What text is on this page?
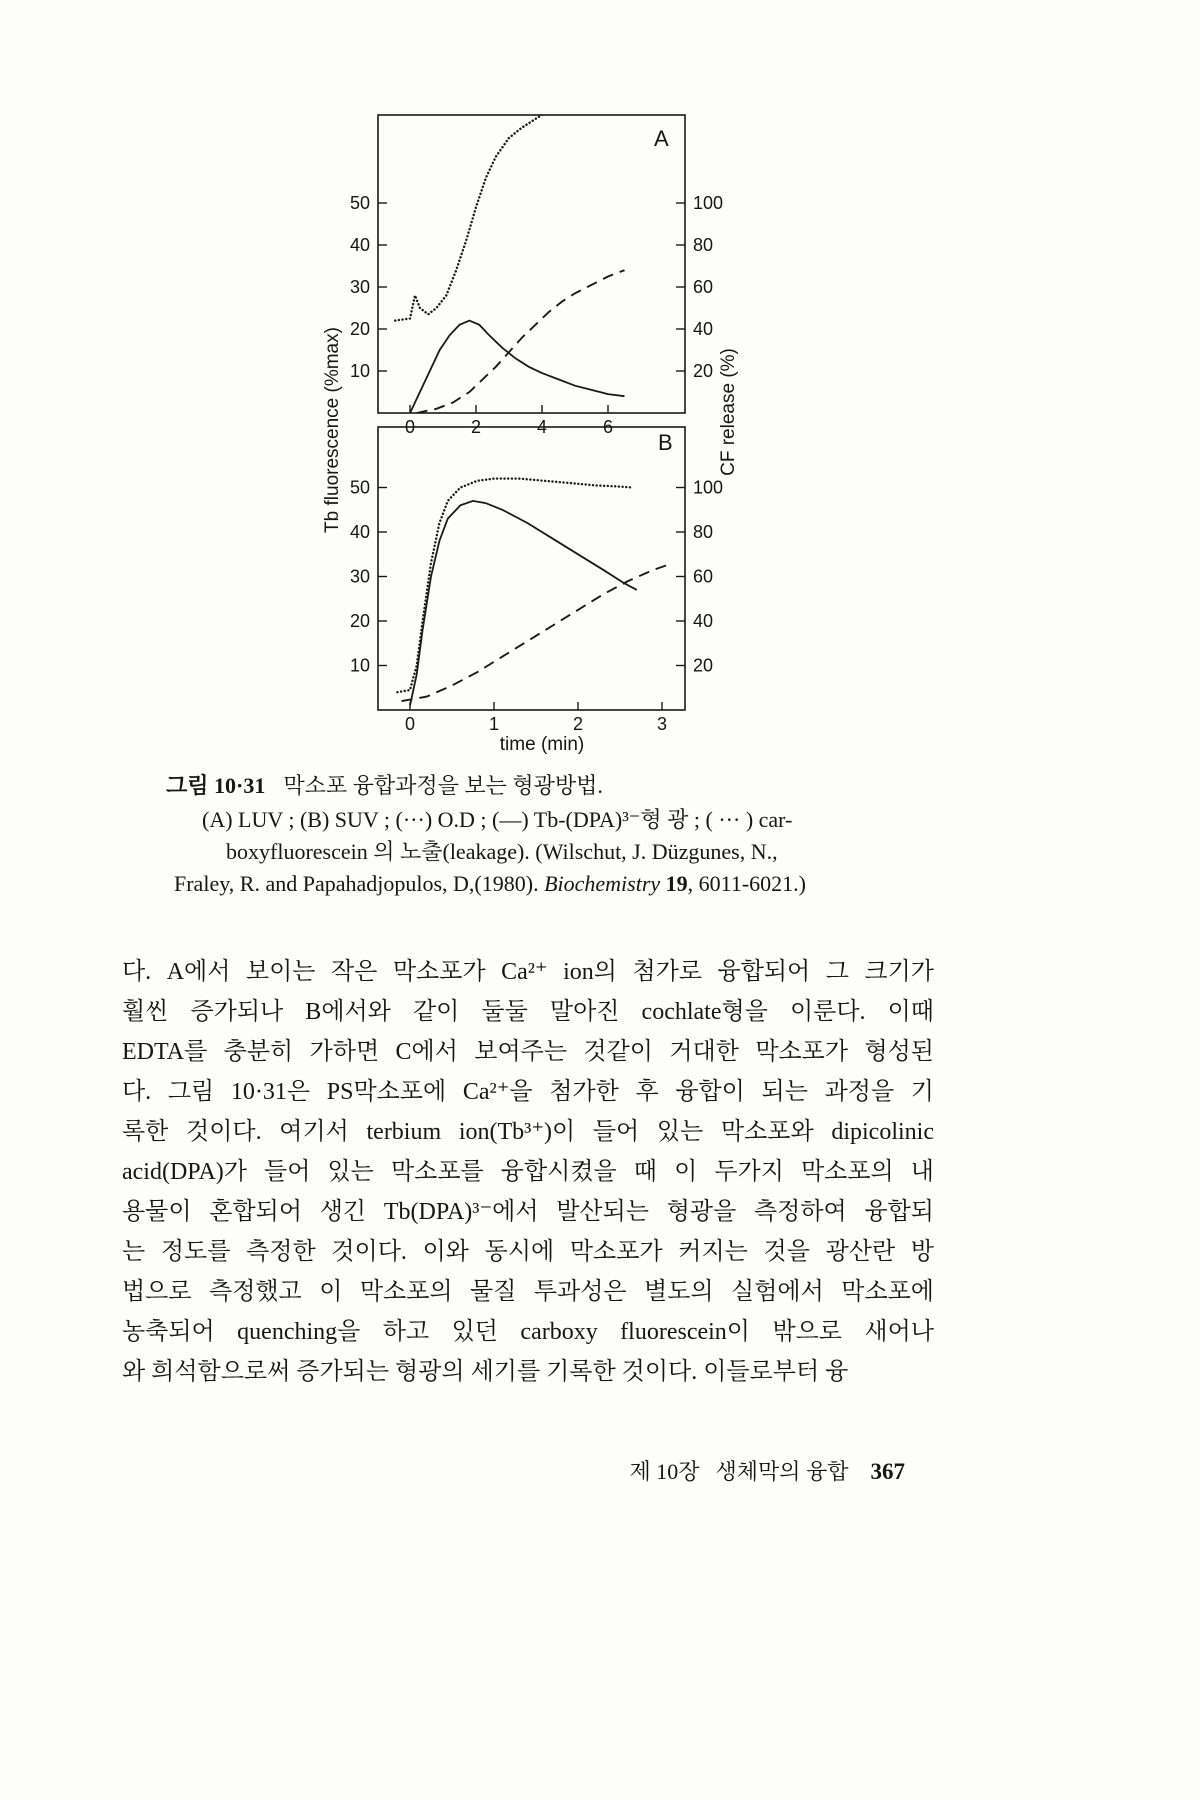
0	2	4	6
10
20
30
40
50
20
40
60
80
100
A
0	1	2	3
10
20
30
40
50
20
40
60
80
100
B
Tb fluorescence (%max)	CF release (%)
time (min)
그림 10·31 막소포 융합과정을 보는 형광방법.
(A) LUV ; (B) SUV ; (···) O.D ; (—) Tb-(DPA)³⁻형 광 ; ( ··· ) car-
boxyfluorescein 의 노출(leakage). (Wilschut, J. Düzgunes, N.,
Fraley, R. and Papahadjopulos, D,(1980). Biochemistry 19, 6011-6021.)
다. A에서 보이는 작은 막소포가 Ca²⁺ ion의 첨가로 융합되어 그 크기가
훨씬 증가되나 B에서와 같이 둘둘 말아진 cochlate형을 이룬다. 이때
EDTA를 충분히 가하면 C에서 보여주는 것같이 거대한 막소포가 형성된
다. 그림 10·31은 PS막소포에 Ca²⁺을 첨가한 후 융합이 되는 과정을 기
록한 것이다. 여기서 terbium ion(Tb³⁺)이 들어 있는 막소포와 dipicolinic
acid(DPA)가 들어 있는 막소포를 융합시켰을 때 이 두가지 막소포의 내
용물이 혼합되어 생긴 Tb(DPA)³⁻에서 발산되는 형광을 측정하여 융합되
는 정도를 측정한 것이다. 이와 동시에 막소포가 커지는 것을 광산란 방
법으로 측정했고 이 막소포의 물질 투과성은 별도의 실험에서 막소포에
농축되어 quenching을 하고 있던 carboxy fluorescein이 밖으로 새어나
와 희석함으로써 증가되는 형광의 세기를 기록한 것이다. 이들로부터 융
제 10장 생체막의 융합 367
